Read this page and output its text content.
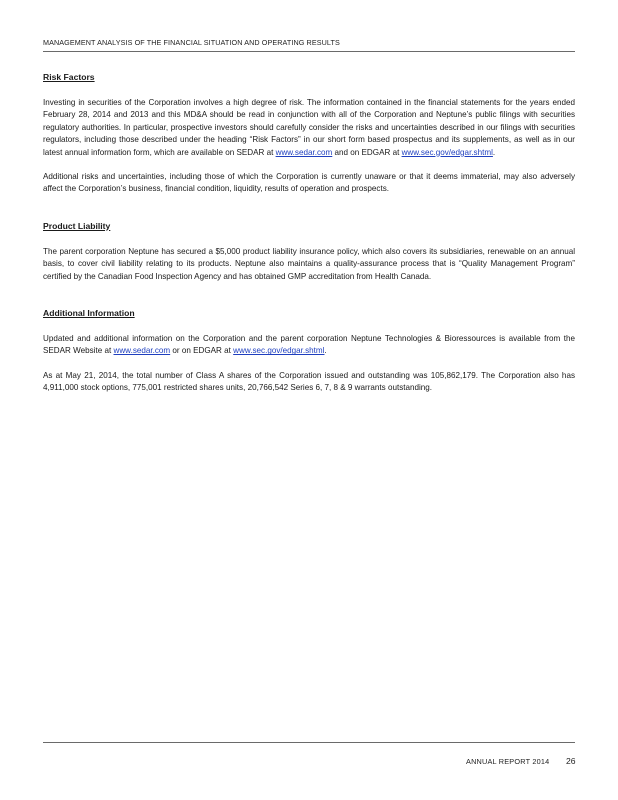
MANAGEMENT ANALYSIS OF THE FINANCIAL SITUATION AND OPERATING RESULTS
Risk Factors

Investing in securities of the Corporation involves a high degree of risk. The information contained in the financial statements for the years ended February 28, 2014 and 2013 and this MD&A should be read in conjunction with all of the Corporation and Neptune’s public filings with securities regulatory authorities. In particular, prospective investors should carefully consider the risks and uncertainties described in our filings with securities regulators, including those described under the heading “Risk Factors” in our short form based prospectus and its supplements, as well as in our latest annual information form, which are available on SEDAR at www.sedar.com and on EDGAR at www.sec.gov/edgar.shtml.

Additional risks and uncertainties, including those of which the Corporation is currently unaware or that it deems immaterial, may also adversely affect the Corporation’s business, financial condition, liquidity, results of operation and prospects.

Product Liability

The parent corporation Neptune has secured a $5,000 product liability insurance policy, which also covers its subsidiaries, renewable on an annual basis, to cover civil liability relating to its products. Neptune also maintains a quality-assurance process that is “Quality Management Program” certified by the Canadian Food Inspection Agency and has obtained GMP accreditation from Health Canada.

Additional Information

Updated and additional information on the Corporation and the parent corporation Neptune Technologies & Bioressources is available from the SEDAR Website at www.sedar.com or on EDGAR at www.sec.gov/edgar.shtml.

As at May 21, 2014, the total number of Class A shares of the Corporation issued and outstanding was 105,862,179. The Corporation also has 4,911,000 stock options, 775,001 restricted shares units, 20,766,542 Series 6, 7, 8 & 9 warrants outstanding.

ANNUAL REPORT 2014 26
